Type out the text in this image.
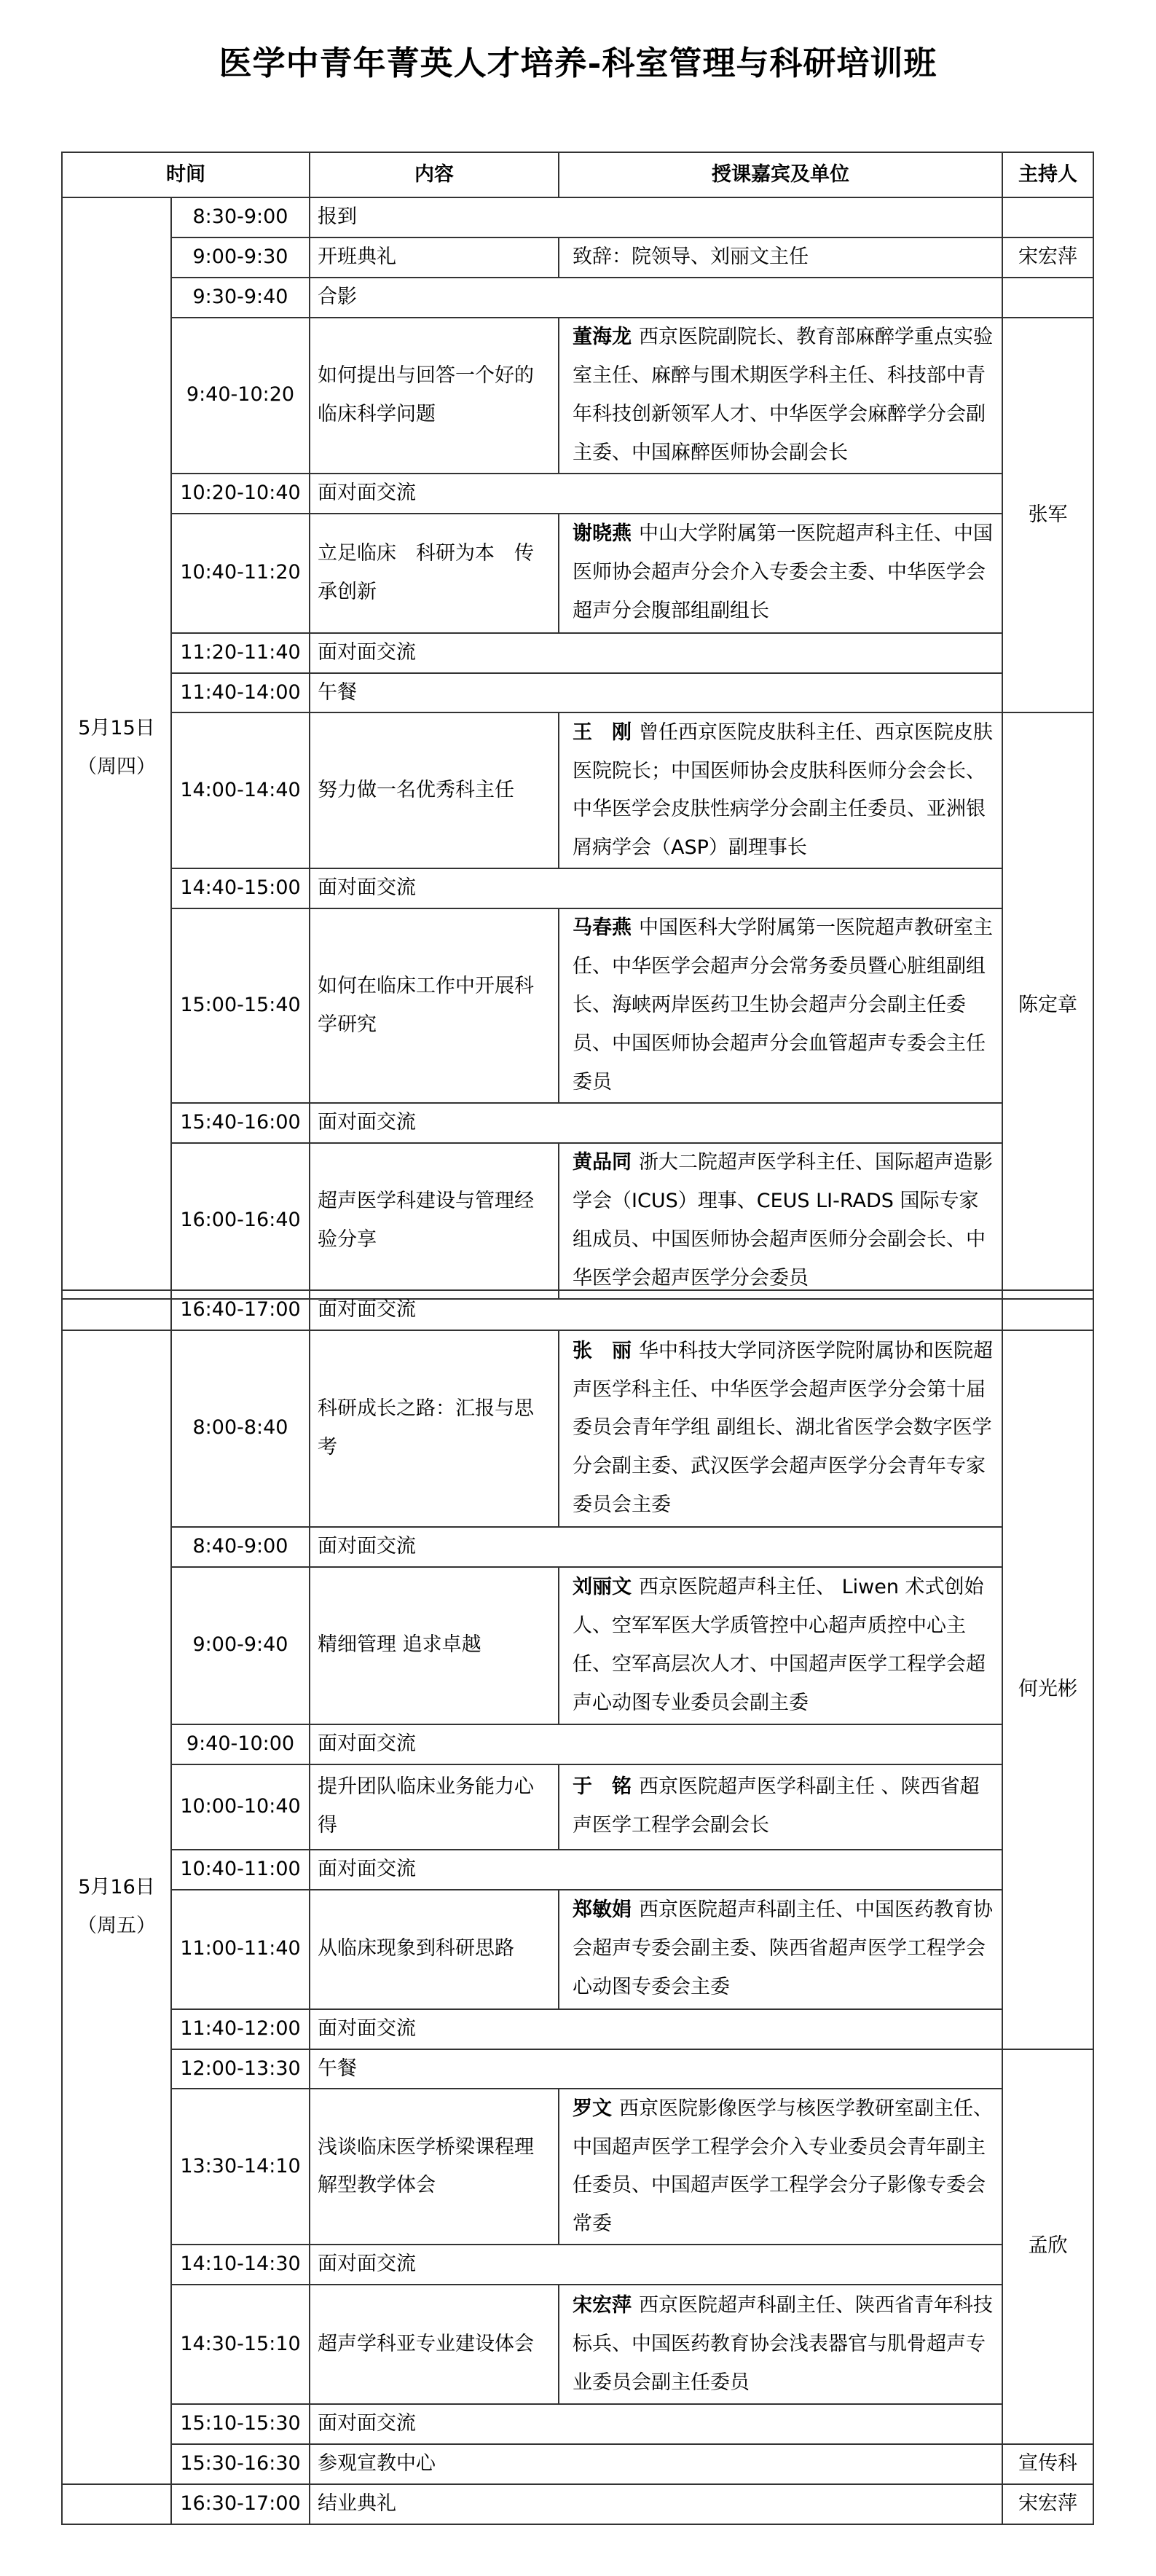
医学中青年菁英人才培养-科室管理与科研培训班
时间		内容	授课嘉宾及单位	主持人

5月15日
（周四）	8:30-9:00	报到		
	9:00-9:30	开班典礼	致辞：院领导、刘丽文主任	宋宏萍
	9:30-9:40	合影		
	9:40-10:20	如何提出与回答一个好的临床科学问题	董海龙 西京医院副院长、教育部麻醉学重点实验室主任、麻醉与围术期医学科主任、科技部中青年科技创新领军人才、中华医学会麻醉学分会副主委、中国麻醉医师协会副会长	张军
	10:20-10:40	面对面交流		
	10:40-11:20	立足临床　科研为本　传承创新	谢晓燕 中山大学附属第一医院超声科主任、中国医师协会超声分会介入专委会主委、中华医学会超声分会腹部组副组长	
	11:20-11:40	面对面交流		
	11:40-14:00	午餐		
	14:00-14:40	努力做一名优秀科主任	王　刚 曾任西京医院皮肤科主任、西京医院皮肤医院院长；中国医师协会皮肤科医师分会会长、中华医学会皮肤性病学分会副主任委员、亚洲银屑病学会（ASP）副理事长	陈定章
	14:40-15:00	面对面交流		
	15:00-15:40	如何在临床工作中开展科学研究	马春燕 中国医科大学附属第一医院超声教研室主任、中华医学会超声分会常务委员暨心脏组副组长、海峡两岸医药卫生协会超声分会副主任委员、中国医师协会超声分会血管超声专委会主任委员	
	15:40-16:00	面对面交流		
	16:00-16:40	超声医学科建设与管理经验分享	黄品同 浙大二院超声医学科主任、国际超声造影学会（ICUS）理事、CEUS LI-RADS 国际专家组成员、中国医师协会超声医师分会副会长、中华医学会超声医学分会委员	
	16:40-17:00	面对面交流		

5月16日
（周五）	8:00-8:40	科研成长之路：汇报与思考	张　丽 华中科技大学同济医学院附属协和医院超声医学科主任、中华医学会超声医学分会第十届委员会青年学组 副组长、湖北省医学会数字医学分会副主委、武汉医学会超声医学分会青年专家委员会主委	何光彬
	8:40-9:00	面对面交流		
	9:00-9:40	精细管理 追求卓越	刘丽文 西京医院超声科主任、 Liwen 术式创始人、空军军医大学质管控中心超声质控中心主任、空军高层次人才、中国超声医学工程学会超声心动图专业委员会副主委	
	9:40-10:00	面对面交流		
	10:00-10:40	提升团队临床业务能力心得	于　铭 西京医院超声医学科副主任 、陕西省超声医学工程学会副会长	
	10:40-11:00	面对面交流		
	11:00-11:40	从临床现象到科研思路	郑敏娟 西京医院超声科副主任、中国医药教育协会超声专委会副主委、陕西省超声医学工程学会心动图专委会主委	
	11:40-12:00	面对面交流		
	12:00-13:30	午餐		孟欣
	13:30-14:10	浅谈临床医学桥梁课程理解型教学体会	罗文 西京医院影像医学与核医学教研室副主任、中国超声医学工程学会介入专业委员会青年副主任委员、中国超声医学工程学会分子影像专委会常委	
	14:10-14:30	面对面交流		
	14:30-15:10	超声学科亚专业建设体会	宋宏萍 西京医院超声科副主任、陕西省青年科技标兵、中国医药教育协会浅表器官与肌骨超声专业委员会副主任委员	
	15:10-15:30	面对面交流		
	15:30-16:30	参观宣教中心		宣传科
	16:30-17:00	结业典礼		宋宏萍
